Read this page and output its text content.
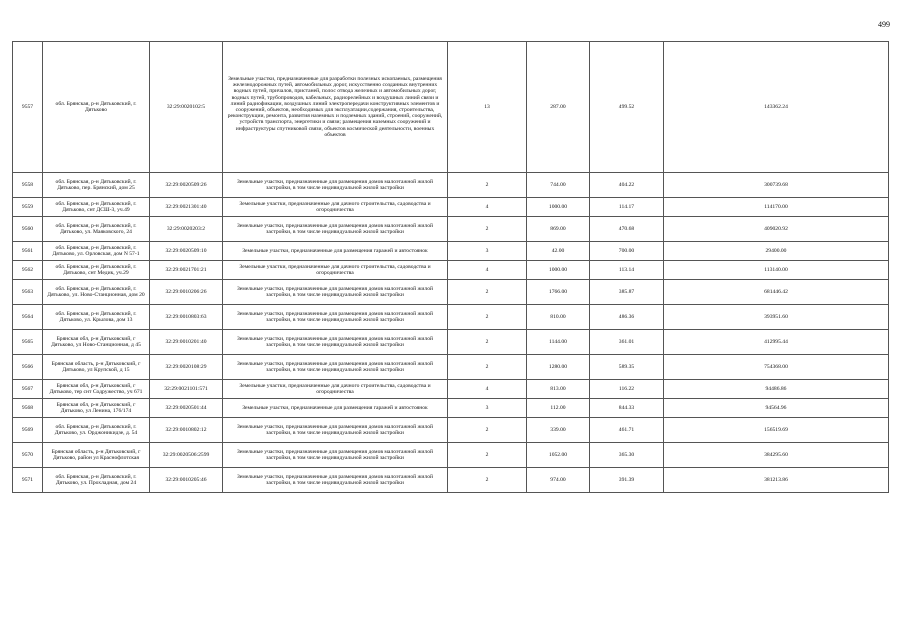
499
9557	обл. Брянская, р-н Дятьковский, г. Дятьково	32:29:0020102:5	Земельные участки, предназначенные для разработки полезных ископаемых, размещения железнодорожных путей, автомобильных дорог, искусственно созданных внутренних водных путей, причалов, пристаней, полос отвода железных и автомобильных дорог, водных путей, трубопроводов, кабельных, радиорелейных и воздушных линий связи и линий радиофикации, воздушных линий электропередачи конструктивных элементов и сооружений, объектов, необходимых для эксплуатации,содержания, строительства, реконструкции, ремонта, развития наземных и подземных зданий, строений, сооружений, устройств транспорта, энергетики и связи; размещения наземных сооружений и инфраструктуры спутниковой связи, объектов космической деятельности, военных объектов	13	287.00	499.52	143362.24
9558	обл. Брянская, р-н Дятьковский, г. Дятьково, пер. Брянский, дом 25	32:29:0020509:26	Земельные участки, предназначенные для размещения домов малоэтажной жилой застройки, в том числе индивидуальной жилой застройки	2	744.00	404.22	300739.68
9559	обл. Брянская, р-н Дятьковский, г. Дятьково, снт ДСШ-3, уч.49	32:29:0021301:40	Земельные участки, предназначенные для дачного строительства, садоводства и огородничества	4	1000.00	114.17	114170.00
9560	обл. Брянская, р-н Дятьковский, г. Дятьково, ул. Маяковского, 24	32:29:0020203:2	Земельные участки, предназначенные для размещения домов малоэтажной жилой застройки, в том числе индивидуальной жилой застройки	2	869.00	470.68	409020.92
9561	обл. Брянская, р-н Дятьковский, г. Дятьково, ул. Орловская, дом N 57-1	32:29:0020509:10	Земельные участки, предназначенные для размещения гаражей и автостоянок	3	42.00	700.00	29400.00
9562	обл. Брянская, р-н Дятьковский, г. Дятьково, снт Медик, уч.29	32:29:0021701:21	Земельные участки, предназначенные для дачного строительства, садоводства и огородничества	4	1000.00	113.14	113140.00
9563	обл. Брянская, р-н Дятьковский, г. Дятьково, ул. Ново-Станционная, дом 20	32:29:0010206:26	Земельные участки, предназначенные для размещения домов малоэтажной жилой застройки, в том числе индивидуальной жилой застройки	2	1766.00	385.87	681446.42
9564	обл. Брянская, р-н Дятьковский, г. Дятьково, ул. Крылова, дом 13	32:29:0010803:63	Земельные участки, предназначенные для размещения домов малоэтажной жилой застройки, в том числе индивидуальной жилой застройки	2	810.00	486.36	393951.60
9565	Брянская обл, р-н Дятьковский, г Дятьково, ул Ново-Станционная, д 45	32:29:0010201:40	Земельные участки, предназначенные для размещения домов малоэтажной жилой застройки, в том числе индивидуальной жилой застройки	2	1144.00	361.01	412995.44
9566	Брянская область, р-н Дятьковский, г Дятьково, ул Крупской, д 15	32:29:0020108:29	Земельные участки, предназначенные для размещения домов малоэтажной жилой застройки, в том числе индивидуальной жилой застройки	2	1280.00	589.35	754368.00
9567	Брянская обл, р-н Дятьковский, г Дятьково, тер снт Содружество, уч 671	32:29:0021101:571	Земельные участки, предназначенные для дачного строительства, садоводства и огородничества	4	813.00	116.22	94486.86
9568	Брянская обл, р-н Дятьковский, г Дятьково, ул Ленина, 176/174	32:29:0020501:44	Земельные участки, предназначенные для размещения гаражей и автостоянок	3	112.00	844.33	94564.96
9569	обл. Брянская, р-н Дятьковский, г. Дятьково, ул. Орджоникидзе, д. 54	32:29:0010802:12	Земельные участки, предназначенные для размещения домов малоэтажной жилой застройки, в том числе индивидуальной жилой застройки	2	339.00	461.71	156519.69
9570	Брянская область, р-н Дятьковский, г Дятьково, район ул Краснофлотская	32:29:0020506:2599	Земельные участки, предназначенные для размещения домов малоэтажной жилой застройки, в том числе индивидуальной жилой застройки	2	1052.00	365.30	384295.60
9571	обл. Брянская, р-н Дятьковский, г. Дятьково, ул. Прохладная, дом 24	32:29:0010205:46	Земельные участки, предназначенные для размещения домов малоэтажной жилой застройки, в том числе индивидуальной жилой застройки	2	974.00	391.39	381213.86
